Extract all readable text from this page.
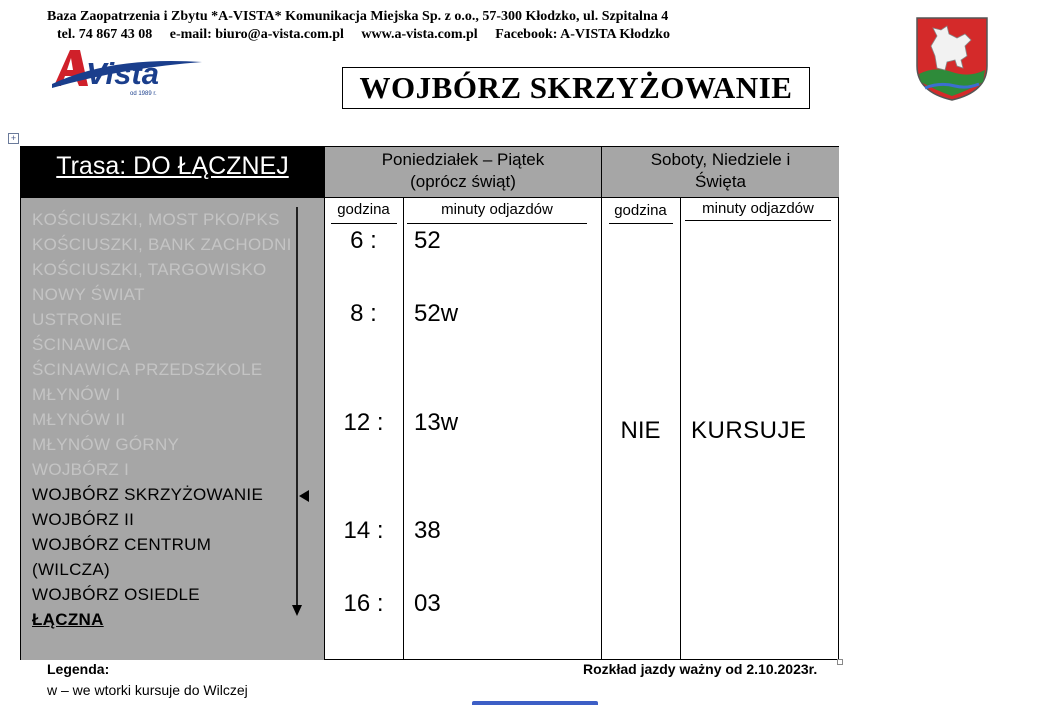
Baza Zaopatrzenia i Zbytu *A-VISTA* Komunikacja Miejska Sp. z o.o., 57-300 Kłodzko, ul. Szpitalna 4
tel. 74 867 43 08 e-mail: biuro@a-vista.com.pl www.a-vista.com.pl Facebook: A-VISTA Kłodzko
Vista
od 1989 r.	WOJBÓRZ SKRZYŻOWANIE
+
Trasa: DO ŁĄCZNEJ	Poniedziałek – Piątek
(oprócz świąt)
Soboty, Niedziele i
Święta
KOŚCIUSZKI, MOST PKO/PKS
KOŚCIUSZKI, BANK ZACHODNI
KOŚCIUSZKI, TARGOWISKO
NOWY ŚWIAT
USTRONIE
ŚCINAWICA
ŚCINAWICA PRZEDSZKOLE
MŁYNÓW I
MŁYNÓW II
MŁYNÓW GÓRNY
WOJBÓRZ I
WOJBÓRZ SKRZYŻOWANIE
WOJBÓRZ II
WOJBÓRZ CENTRUM
(WILCZA)
WOJBÓRZ OSIEDLE
ŁĄCZNA
godzina	minuty odjazdów	godzina	minuty odjazdów
6 :	52
8 :	52w
12 :	13w
14 :	38
16 :	03
NIE	KURSUJE
Legenda:
w – we wtorki kursuje do Wilczej
Rozkład jazdy ważny od 2.10.2023r.
